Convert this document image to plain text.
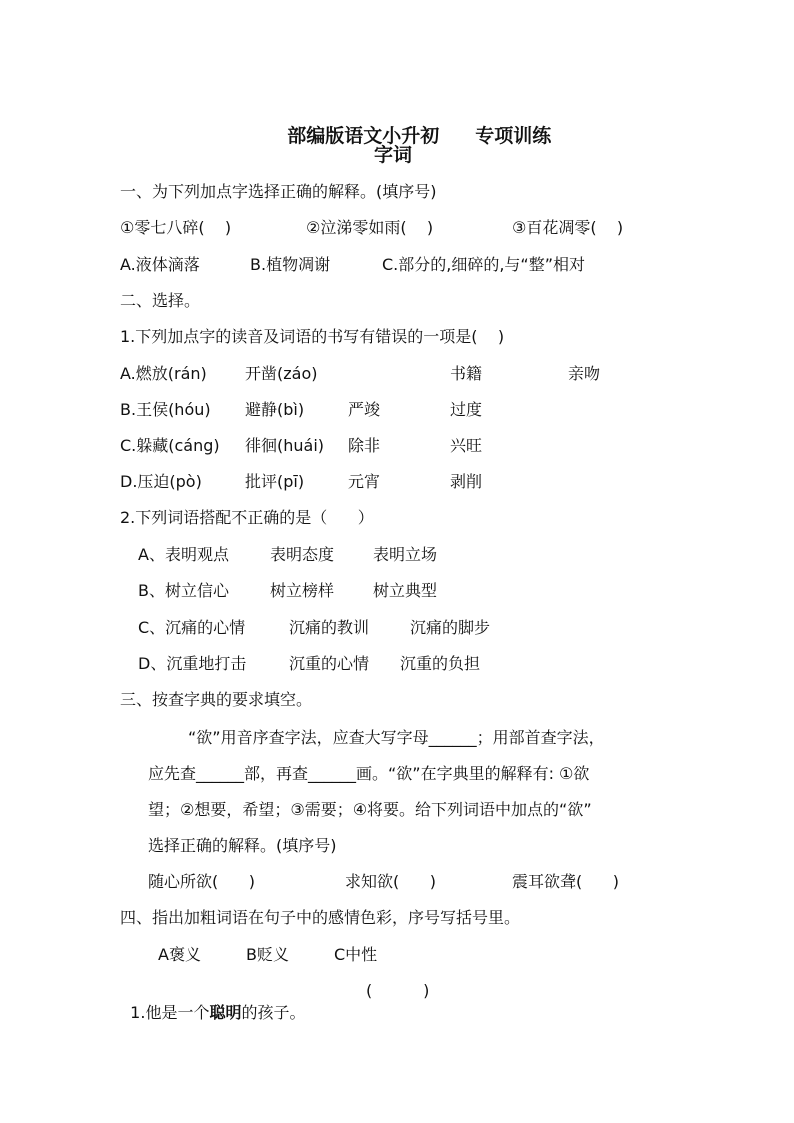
部编版语文小升初 专项训练

字词
一、为下列加点字选择正确的解释。(填序号)
①零七八碎(    )	②泣涕零如雨(    )	③百花凋零(    )
A.液体滴落	B.植物凋谢	C.部分的,细碎的,与“整”相对
二、选择。
1.下列加点字的读音及词语的书写有错误的一项是(    )
A.燃放(rán) 开凿(záo)	书籍	亲吻
B.王侯(hóu) 避静(bì)	严竣	过度
C.躲藏(cáng) 徘徊(huái) 除非	兴旺
D.压迫(pò)	批评(pī)	元宵	剥削
2.下列词语搭配不正确的是（      ）
A、表明观点	表明态度 表明立场
B、树立信心	树立榜样 树立典型
C、沉痛的心情	沉痛的教训	沉痛的脚步
D、沉重地打击	沉重的心情 沉重的负担
三、按查字典的要求填空。
“欲”用音序查字法，应查大写字母______；用部首查字法，
应先查______部，再查______画。“欲”在字典里的解释有: ①欲
望；②想要，希望；③需要；④将要。给下列词语中加点的“欲”
选择正确的解释。(填序号)
随心所欲(      )	求知欲(      )	震耳欲聋(      )
四、指出加粗词语在句子中的感情色彩，序号写括号里。
A褒义	B贬义	C中性

1.他是一个聪明的孩子。

(          )
